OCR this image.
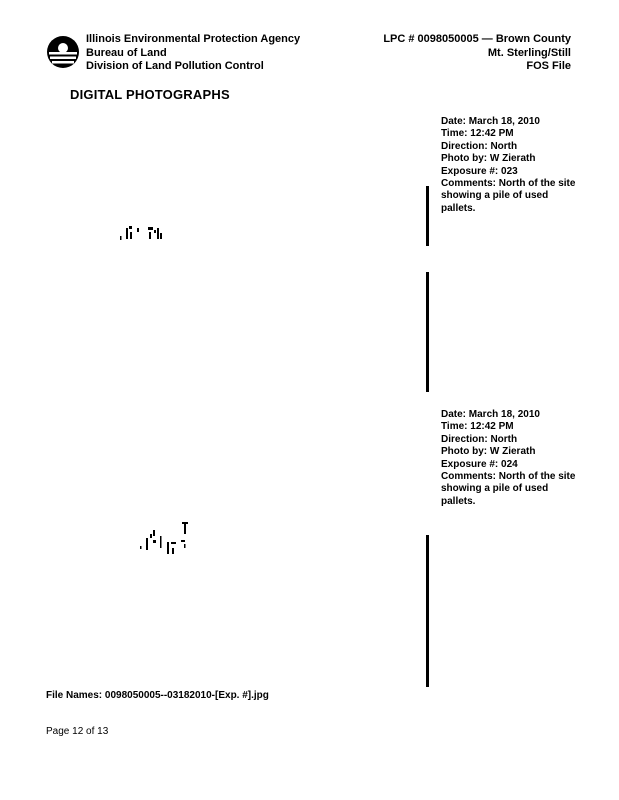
Illinois Environmental Protection Agency
Bureau of Land
Division of Land Pollution Control
LPC # 0098050005 — Brown County
Mt. Sterling/Still
FOS File
DIGITAL PHOTOGRAPHS
Date: March 18, 2010
Time: 12:42 PM
Direction: North
Photo by: W Zierath
Exposure #: 023
Comments: North of the site showing a pile of used pallets.
Date: March 18, 2010
Time: 12:42 PM
Direction: North
Photo by: W Zierath
Exposure #: 024
Comments: North of the site showing a pile of used pallets.
File Names: 0098050005--03182010-[Exp. #].jpg
Page 12 of 13
